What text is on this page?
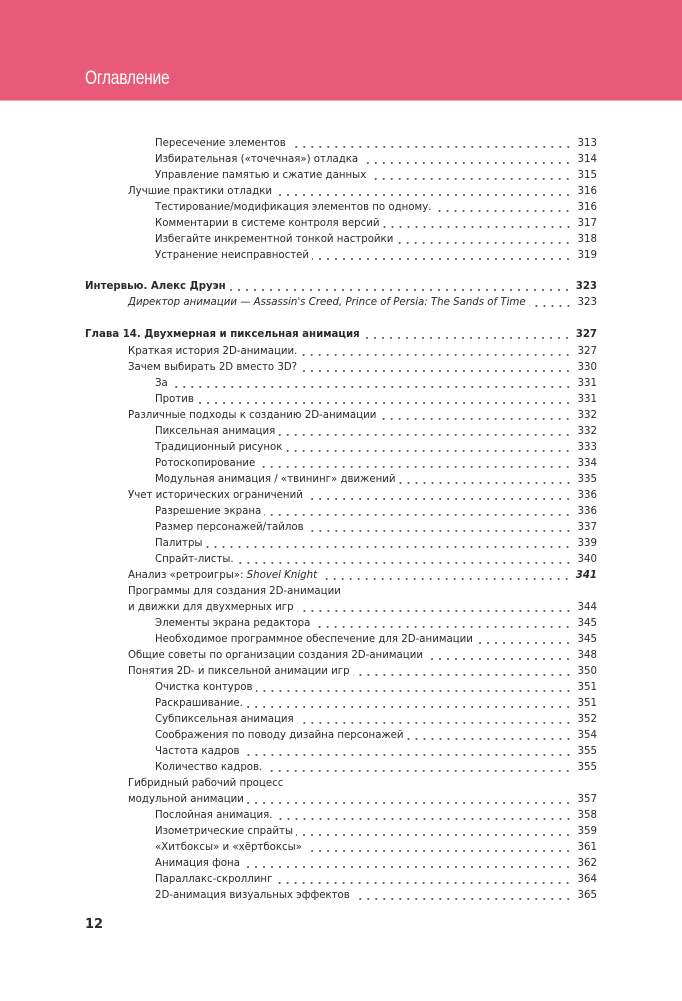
Оглавление
Пересечение элементов	313
Избирательная («точечная») отладка	314
Управление памятью и сжатие данных	315
Лучшие практики отладки	316
Тестирование/модификация элементов по одному.	316
Комментарии в системе контроля версий	317
Избегайте инкрементной тонкой настройки	318
Устранение неисправностей	319
Интервью. Алекс Друэн	323
Директор анимации — Assassin's Creed, Prince of Persia: The Sands of Time	323
Глава 14. Двухмерная и пиксельная анимация	327
Краткая история 2D-анимации.	327
Зачем выбирать 2D вместо 3D?	330
За	331
Против	331
Различные подходы к созданию 2D-анимации	332
Пиксельная анимация	332
Традиционный рисунок	333
Ротоскопирование	334
Модульная анимация / «твининг» движений	335
Учет исторических ограничений	336
Разрешение экрана	336
Размер персонажей/тайлов	337
Палитры	339
Спрайт-листы.	340
Анализ «ретроигры»: Shovel Knight	341
Программы для создания 2D-анимации
и движки для двухмерных игр	344
Элементы экрана редактора	345
Необходимое программное обеспечение для 2D-анимации	345
Общие советы по организации создания 2D-анимации	348
Понятия 2D- и пиксельной анимации игр	350
Очистка контуров	351
Раскрашивание.	351
Субпиксельная анимация	352
Соображения по поводу дизайна персонажей	354
Частота кадров	355
Количество кадров.	355
Гибридный рабочий процесс
модульной анимации	357
Послойная анимация.	358
Изометрические спрайты	359
«Хитбоксы» и «хёртбоксы»	361
Анимация фона	362
Параллакс-скроллинг	364
2D-анимация визуальных эффектов	365
12
